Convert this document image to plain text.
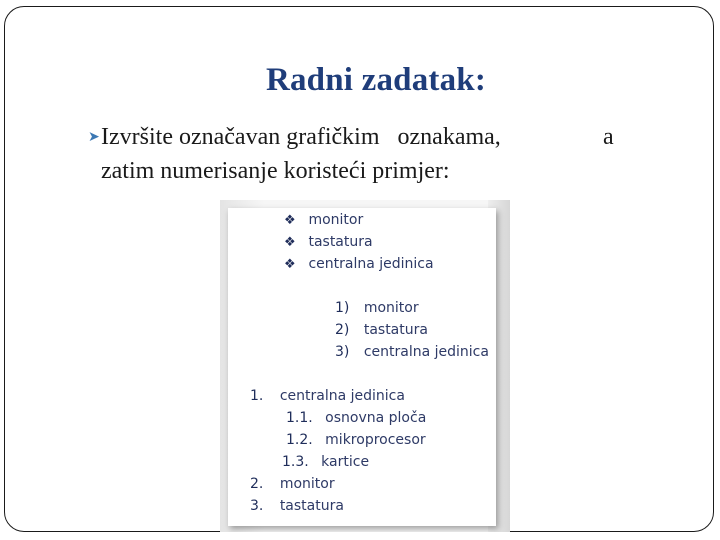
Radni zadatak:
➤ Izvršite označavan grafičkim   oznakama,	a
zatim numerisanje koristeći primjer:
❖ monitor
❖ tastatura
❖ centralna jedinica
1) monitor
2) tastatura
3) centralna jedinica
1. centralna jedinica
1.1. osnovna ploča
1.2. mikroprocesor
1.3. kartice
2. monitor
3. tastatura
